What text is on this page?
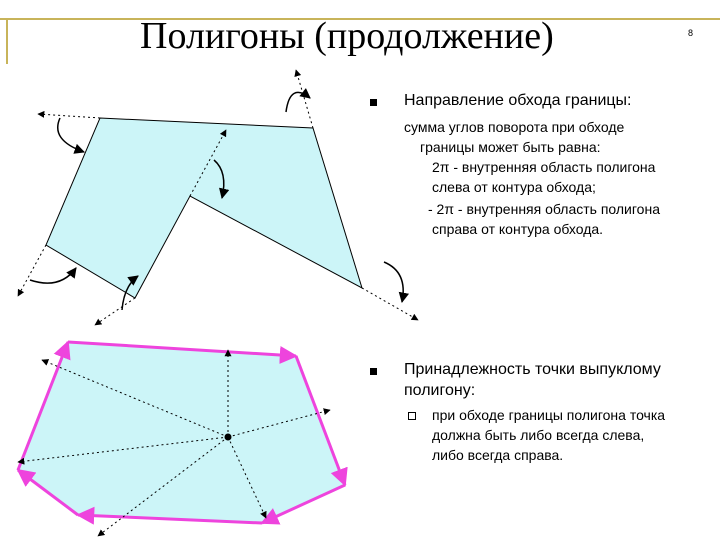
Полигоны (продолжение)	8
Направление обхода границы:
сумма углов поворота при обходе
границы может быть равна:
2π - внутренняя область полигона
слева от контура обхода;
- 2π - внутренняя область полигона
справа от контура обхода.
Принадлежность точки выпуклому
полигону:
при обходе границы полигона точка
должна быть либо всегда слева,
либо всегда справа.
